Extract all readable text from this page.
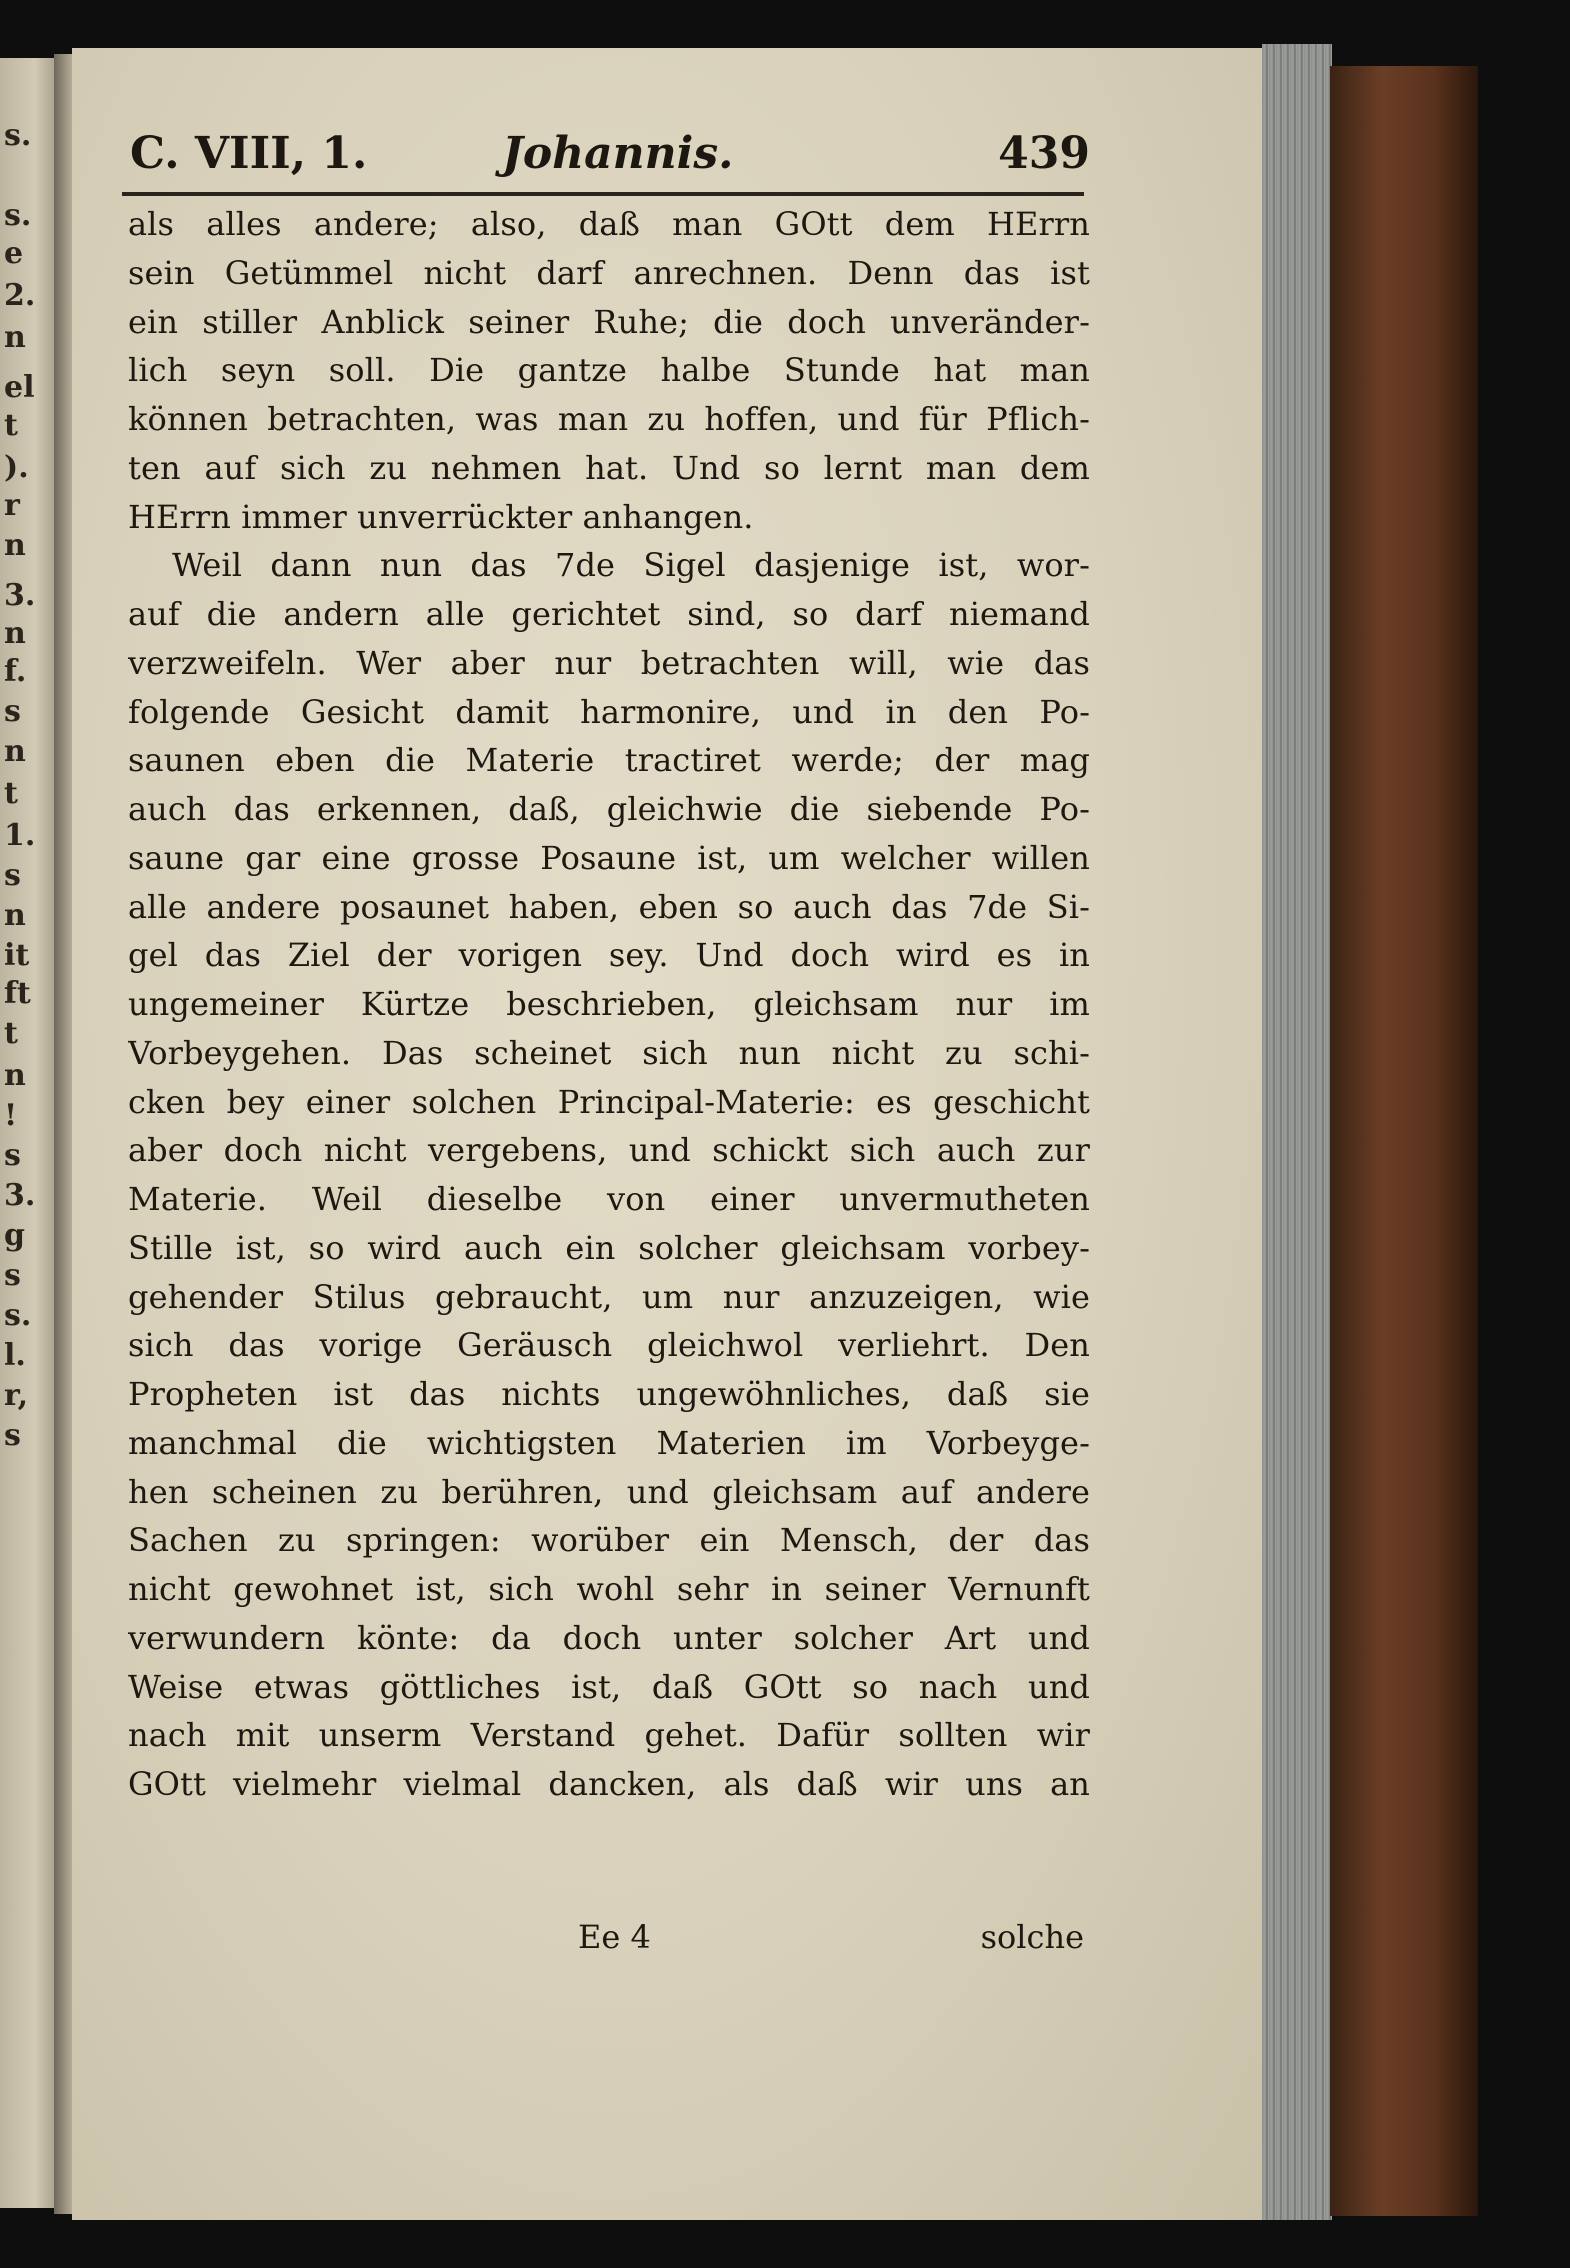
s.
s.
e
2.
n
el
t
).
r
n
3.
n
f.
s
n
t
1.
s
n
it
ft
t
n
!
s
3.
g
s
s.
l.
r,
s
C. VIII, 1.	Johannis.	439
als alles andere; also, daß man GOtt dem HErrn
sein Getümmel nicht darf anrechnen. Denn das ist
ein stiller Anblick seiner Ruhe; die doch unveränder-
lich seyn soll. Die gantze halbe Stunde hat man
können betrachten, was man zu hoffen, und für Pflich-
ten auf sich zu nehmen hat. Und so lernt man dem
HErrn immer unverrückter anhangen.
Weil dann nun das 7de Sigel dasjenige ist, wor-
auf die andern alle gerichtet sind, so darf niemand
verzweifeln. Wer aber nur betrachten will, wie das
folgende Gesicht damit harmonire, und in den Po-
saunen eben die Materie tractiret werde; der mag
auch das erkennen, daß, gleichwie die siebende Po-
saune gar eine grosse Posaune ist, um welcher willen
alle andere posaunet haben, eben so auch das 7de Si-
gel das Ziel der vorigen sey. Und doch wird es in
ungemeiner Kürtze beschrieben, gleichsam nur im
Vorbeygehen. Das scheinet sich nun nicht zu schi-
cken bey einer solchen Principal-Materie: es geschicht
aber doch nicht vergebens, und schickt sich auch zur
Materie. Weil dieselbe von einer unvermutheten
Stille ist, so wird auch ein solcher gleichsam vorbey-
gehender Stilus gebraucht, um nur anzuzeigen, wie
sich das vorige Geräusch gleichwol verliehrt. Den
Propheten ist das nichts ungewöhnliches, daß sie
manchmal die wichtigsten Materien im Vorbeyge-
hen scheinen zu berühren, und gleichsam auf andere
Sachen zu springen: worüber ein Mensch, der das
nicht gewohnet ist, sich wohl sehr in seiner Vernunft
verwundern könte: da doch unter solcher Art und
Weise etwas göttliches ist, daß GOtt so nach und
nach mit unserm Verstand gehet. Dafür sollten wir
GOtt vielmehr vielmal dancken, als daß wir uns an
Ee 4	solche
